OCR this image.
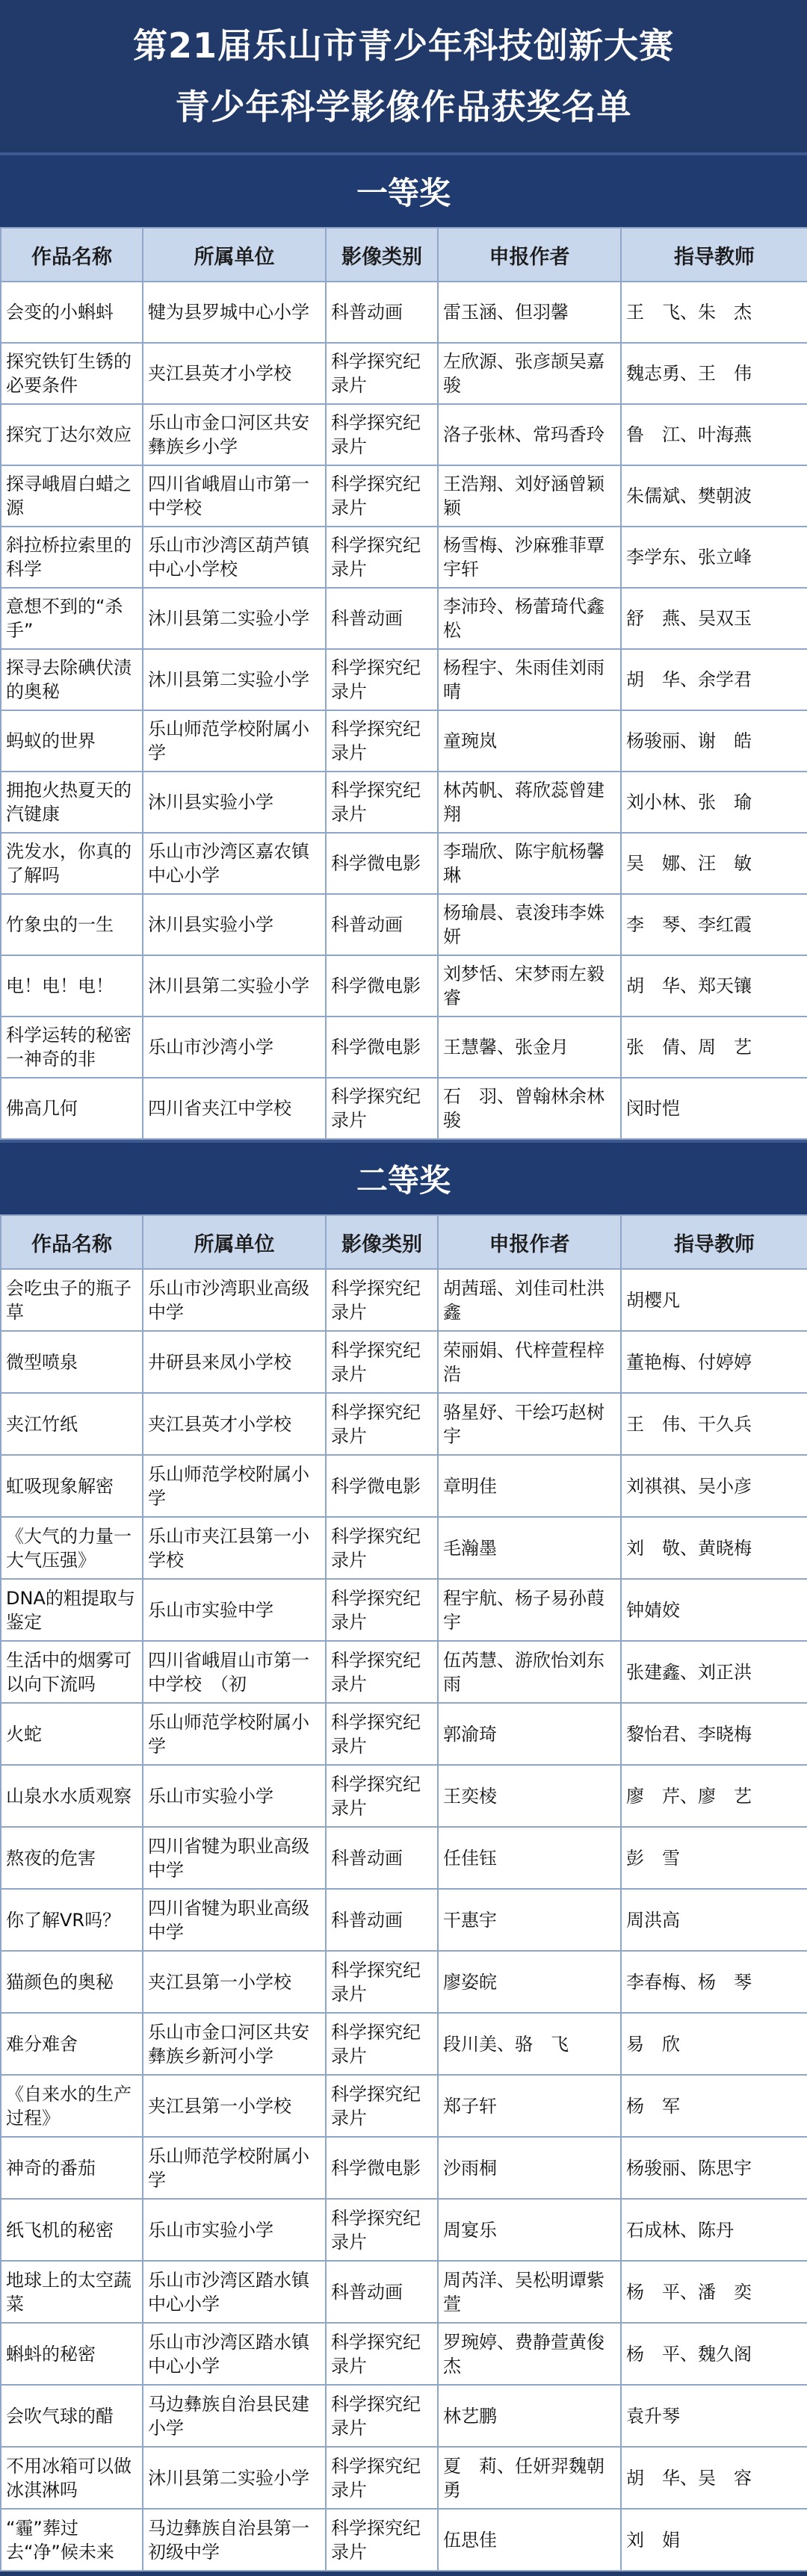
第21届乐山市青少年科技创新大赛
青少年科学影像作品获奖名单
一等奖
作品名称	所属单位	影像类别	申报作者	指导教师
会变的小蝌蚪	犍为县罗城中心小学	科普动画	雷玉涵、但羽馨	王　飞、朱　杰
探究铁钉生锈的必要条件	夹江县英才小学校	科学探究纪录片	左欣源、张彦颉吴嘉骏	魏志勇、王　伟
探究丁达尔效应	乐山市金口河区共安彝族乡小学	科学探究纪录片	洛子张林、常玛香玲	鲁　江、叶海燕
探寻峨眉白蜡之源	四川省峨眉山市第一中学校	科学探究纪录片	王浩翔、刘妤涵曾颖颖	朱儒斌、樊朝波
斜拉桥拉索里的科学	乐山市沙湾区葫芦镇中心小学校	科学探究纪录片	杨雪梅、沙麻雅菲覃宇轩	李学东、张立峰
意想不到的“杀手”	沐川县第二实验小学	科普动画	李沛玲、杨蕾琦代鑫松	舒　燕、吴双玉
探寻去除碘伏渍的奥秘	沐川县第二实验小学	科学探究纪录片	杨程宇、朱雨佳刘雨晴	胡　华、余学君
蚂蚁的世界	乐山师范学校附属小学	科学探究纪录片	童琬岚	杨骏丽、谢　皓
拥抱火热夏天的汽键康	沐川县实验小学	科学探究纪录片	林芮帆、蒋欣蕊曾建翔	刘小林、张　瑜
洗发水，你真的了解吗	乐山市沙湾区嘉农镇中心小学	科学微电影	李瑞欣、陈宇航杨馨琳	吴　娜、汪　敏
竹象虫的一生	沐川县实验小学	科普动画	杨瑜晨、袁浚玮李姝妍	李　琴、李红霞
电！电！电！	沐川县第二实验小学	科学微电影	刘梦恬、宋梦雨左毅睿	胡　华、郑天镶
科学运转的秘密一神奇的非	乐山市沙湾小学	科学微电影	王慧馨、张金月	张　倩、周　艺
佛高几何	四川省夹江中学校	科学探究纪录片	石　羽、曾翰林余林骏	闵时恺
二等奖
作品名称	所属单位	影像类别	申报作者	指导教师
会吃虫子的瓶子草	乐山市沙湾职业高级中学	科学探究纪录片	胡茜瑶、刘佳司杜洪鑫	胡樱凡
微型喷泉	井研县来凤小学校	科学探究纪录片	荣丽娟、代梓萱程梓浩	董艳梅、付婷婷
夹江竹纸	夹江县英才小学校	科学探究纪录片	骆星妤、干绘巧赵树宇	王　伟、干久兵
虹吸现象解密	乐山师范学校附属小学	科学微电影	章明佳	刘祺祺、吴小彦
《大气的力量一大气压强》	乐山市夹江县第一小学校	科学探究纪录片	毛瀚墨	刘　敬、黄晓梅
DNA的粗提取与鉴定	乐山市实验中学	科学探究纪录片	程宇航、杨子易孙葭宇	钟婧姣
生活中的烟雾可以向下流吗	四川省峨眉山市第一中学校　（初	科学探究纪录片	伍芮慧、游欣怡刘东雨	张建鑫、刘正洪
火蛇	乐山师范学校附属小学	科学探究纪录片	郭渝琦	黎怡君、李晓梅
山泉水水质观察	乐山市实验小学	科学探究纪录片	王奕棱	廖　芹、廖　艺
熬夜的危害	四川省犍为职业高级中学	科普动画	任佳钰	彭　雪
你了解VR吗？	四川省犍为职业高级中学	科普动画	干惠宇	周洪高
猫颜色的奥秘	夹江县第一小学校	科学探究纪录片	廖姿皖	李春梅、杨　琴
难分难舍	乐山市金口河区共安彝族乡新河小学	科学探究纪录片	段川美、骆　飞	易　欣
《自来水的生产过程》	夹江县第一小学校	科学探究纪录片	郑子轩	杨　军
神奇的番茄	乐山师范学校附属小学	科学微电影	沙雨桐	杨骏丽、陈思宇
纸飞机的秘密	乐山市实验小学	科学探究纪录片	周宴乐	石成林、陈丹
地球上的太空蔬菜	乐山市沙湾区踏水镇中心小学	科普动画	周芮洋、吴松明谭紫萱	杨　平、潘　奕
蝌蚪的秘密	乐山市沙湾区踏水镇中心小学	科学探究纪录片	罗琬婷、费静萱黄俊杰	杨　平、魏久阁
会吹气球的醋	马边彝族自治县民建小学	科学探究纪录片	林艺鹏	袁升琴
不用冰箱可以做冰淇淋吗	沐川县第二实验小学	科学探究纪录片	夏　莉、任妍羿魏朝勇	胡　华、吴　容
“霾”葬过去“净”候未来	马边彝族自治县第一初级中学	科学探究纪录片	伍思佳	刘　娟
